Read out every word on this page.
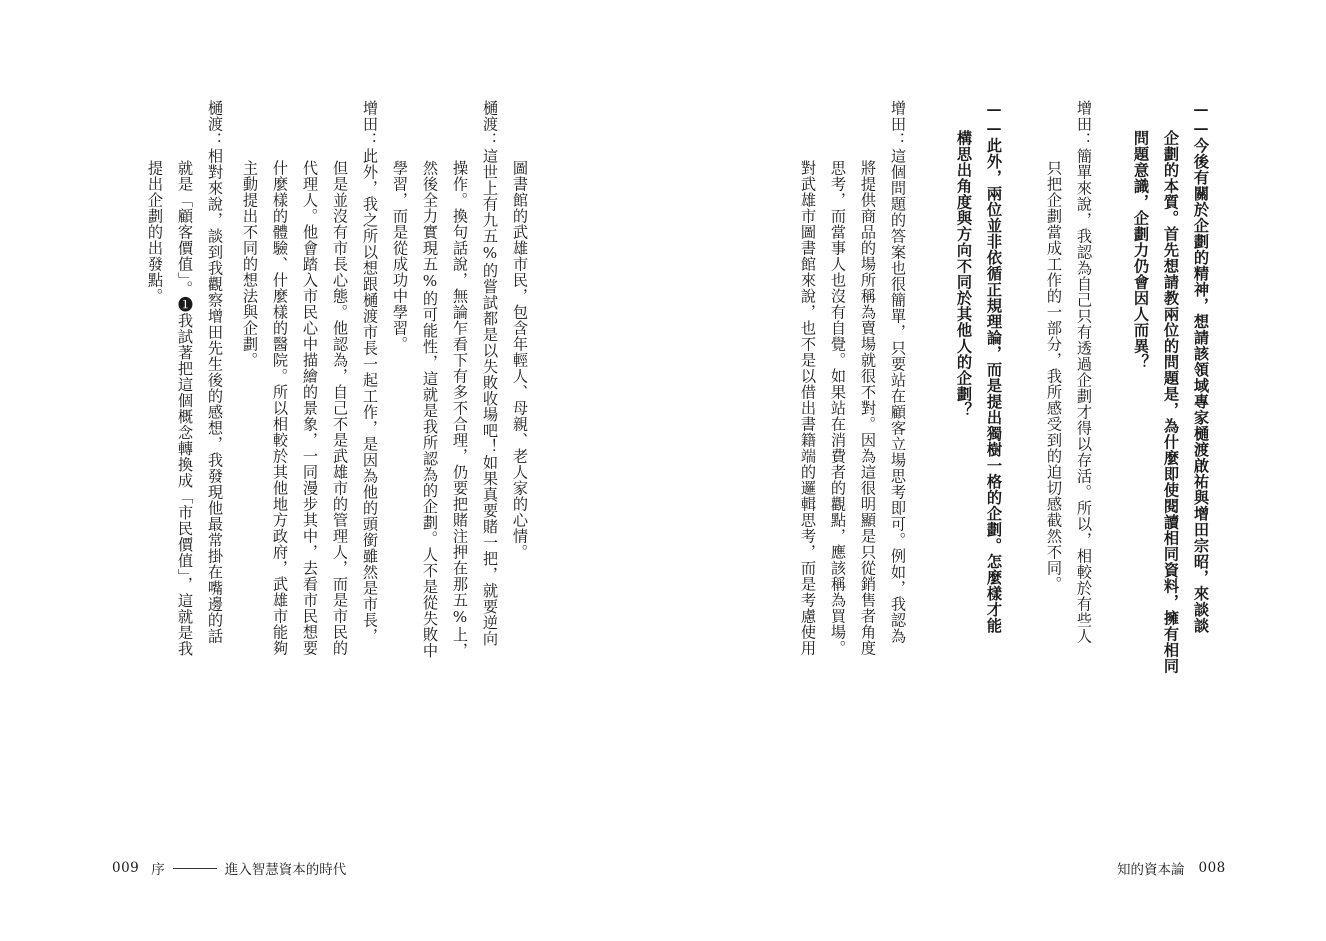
——今後有關於企劃的精神，想請該領域專家樋渡啟祐與增田宗昭，來談談
企劃的本質。首先想請教兩位的問題是，為什麼即使閱讀相同資料，擁有相同
問題意識，企劃力仍會因人而異？
增田：簡單來說，我認為自己只有透過企劃才得以存活。所以，相較於有些人
只把企劃當成工作的一部分，我所感受到的迫切感截然不同。
——此外，兩位並非依循正規理論，而是提出獨樹一格的企劃。怎麼樣才能
構思出角度與方向不同於其他人的企劃？
增田：這個問題的答案也很簡單，只要站在顧客立場思考即可。例如，我認為
將提供商品的場所稱為賣場就很不對。因為這很明顯是只從銷售者角度
思考，而當事人也沒有自覺。如果站在消費者的觀點，應該稱為買場。
對武雄市圖書館來說，也不是以借出書籍端的邏輯思考，而是考慮使用
圖書館的武雄市民，包含年輕人、母親、老人家的心情。
樋渡：這世上有九五%的嘗試都是以失敗收場吧！如果真要賭一把，就要逆向
操作。換句話說，無論乍看下有多不合理，仍要把賭注押在那五%上，
然後全力實現五%的可能性，這就是我所認為的企劃。人不是從失敗中
學習，而是從成功中學習。
增田：此外，我之所以想跟樋渡市長一起工作，是因為他的頭銜雖然是市長，
但是並沒有市長心態。他認為，自己不是武雄市的管理人，而是市民的
代理人。他會踏入市民心中描繪的景象，一同漫步其中，去看市民想要
什麼樣的體驗、什麼樣的醫院。所以相較於其他地方政府，武雄市能夠
主動提出不同的想法與企劃。
樋渡：相對來說，談到我觀察增田先生後的感想，我發現他最常掛在嘴邊的話
就是「顧客價值」。❶我試著把這個概念轉換成「市民價值」，這就是我
提出企劃的出發點。
009 序	進入智慧資本的時代	知的資本論 008
